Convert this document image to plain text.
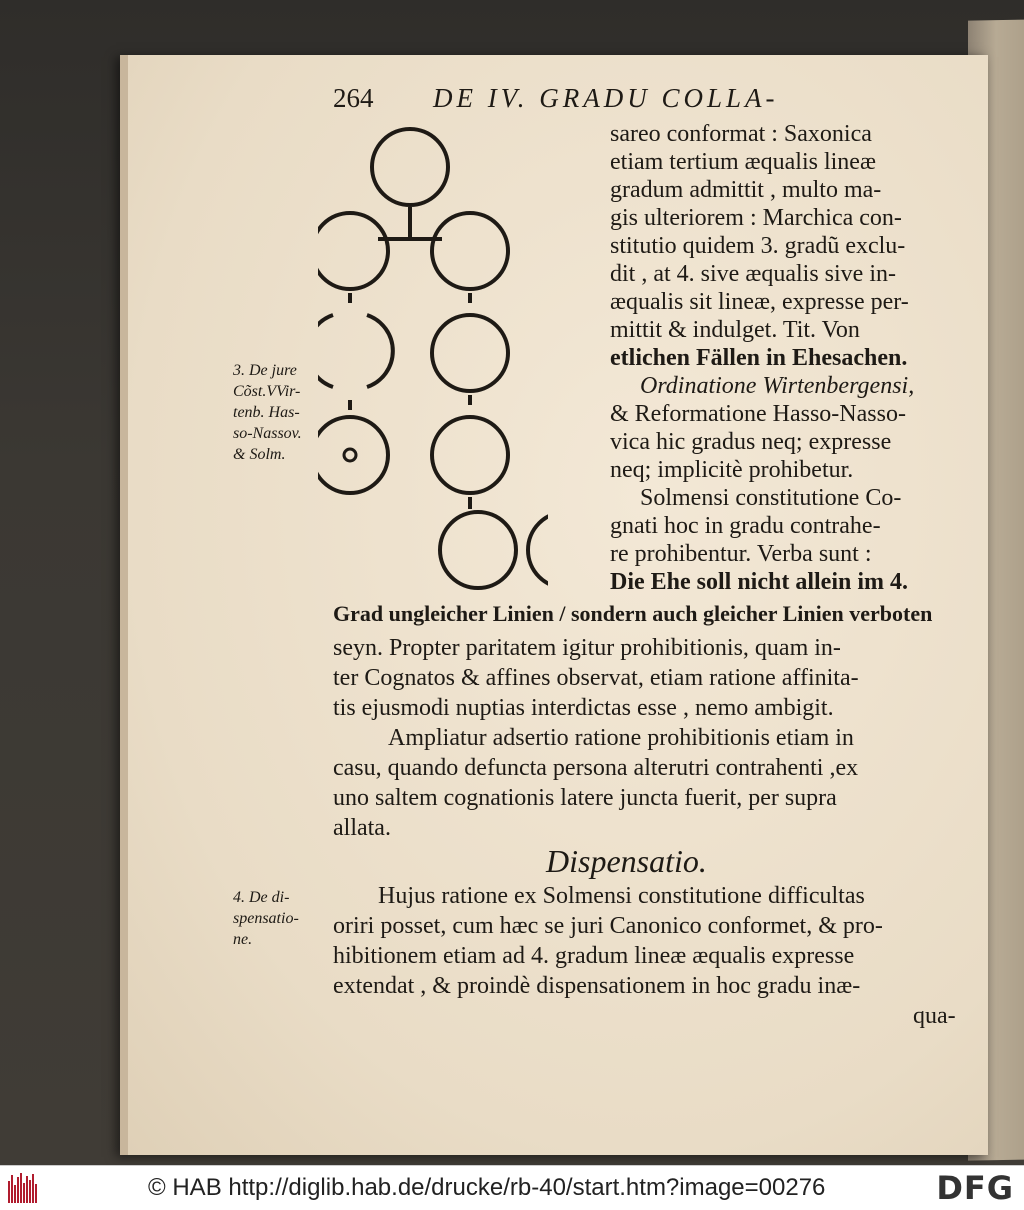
264 DE IV. GRADU COLLA-
sareo conformat : Saxonica
etiam tertium æqualis lineæ
gradum admittit , multo ma-
gis ulteriorem : Marchica con-
stitutio quidem 3. gradũ exclu-
dit , at 4. sive æqualis sive in-
æqualis sit lineæ, expresse per-
mittit & indulget. Tit. Von
etlichen Fällen in Ehesachen.
Ordinatione Wirtenbergensi,
& Reformatione Hasso-Nasso-
vica hic gradus neq; expresse
neq; implicitè prohibetur.
Solmensi constitutione Co-
gnati hoc in gradu contrahe-
re prohibentur. Verba sunt :
Die Ehe soll nicht allein im 4.
Grad ungleicher Linien / sondern auch gleicher Linien verboten
seyn. Propter paritatem igitur prohibitionis, quam in-
ter Cognatos & affines observat, etiam ratione affinita-
tis ejusmodi nuptias interdictas esse , nemo ambigit.
Ampliatur adsertio ratione prohibitionis etiam in
casu, quando defuncta persona alterutri contrahenti ,ex
uno saltem cognationis latere juncta fuerit, per supra
allata.
Dispensatio.
Hujus ratione ex Solmensi constitutione difficultas
oriri posset, cum hæc se juri Canonico conformet, & pro-
hibitionem etiam ad 4. gradum lineæ æqualis expresse
extendat , & proindè dispensationem in hoc gradu inæ-
qua-
3. De jure
Cõst.VVir-
tenb. Has-
so-Nassov.
& Solm.
4. De di-
spensatio-
ne.
© HAB http://diglib.hab.de/drucke/rb-40/start.htm?image=00276	DFG
